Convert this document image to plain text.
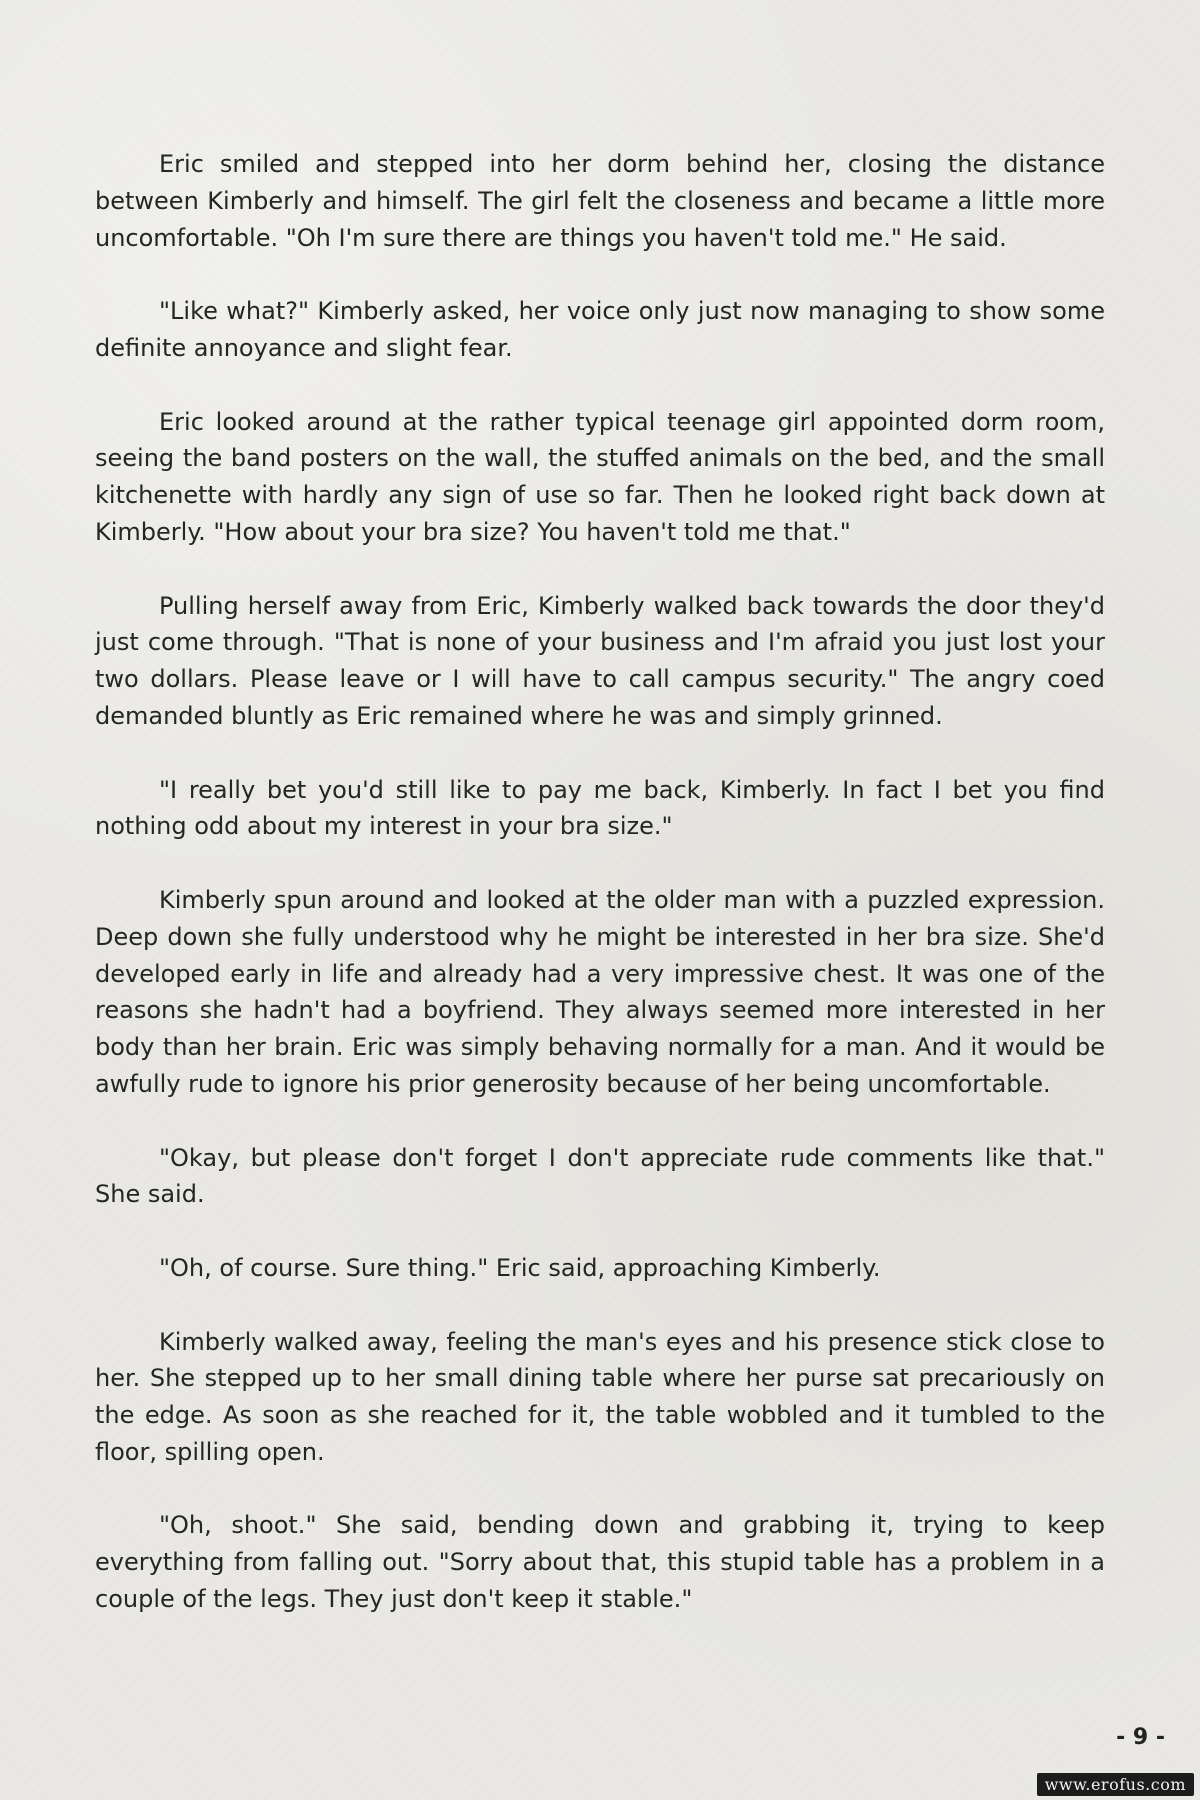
Eric smiled and stepped into her dorm behind her, closing the distance between Kimberly and himself. The girl felt the closeness and became a little more uncomfortable. "Oh I'm sure there are things you haven't told me." He said.

"Like what?" Kimberly asked, her voice only just now managing to show some definite annoyance and slight fear.

Eric looked around at the rather typical teenage girl appointed dorm room, seeing the band posters on the wall, the stuffed animals on the bed, and the small kitchenette with hardly any sign of use so far. Then he looked right back down at Kimberly. "How about your bra size? You haven't told me that."

Pulling herself away from Eric, Kimberly walked back towards the door they'd just come through. "That is none of your business and I'm afraid you just lost your two dollars. Please leave or I will have to call campus security." The angry coed demanded bluntly as Eric remained where he was and simply grinned.

"I really bet you'd still like to pay me back, Kimberly. In fact I bet you find nothing odd about my interest in your bra size."

Kimberly spun around and looked at the older man with a puzzled expression. Deep down she fully understood why he might be interested in her bra size. She'd developed early in life and already had a very impressive chest. It was one of the reasons she hadn't had a boyfriend. They always seemed more interested in her body than her brain. Eric was simply behaving normally for a man. And it would be awfully rude to ignore his prior generosity because of her being uncomfortable.

"Okay, but please don't forget I don't appreciate rude comments like that." She said.

"Oh, of course. Sure thing." Eric said, approaching Kimberly.

Kimberly walked away, feeling the man's eyes and his presence stick close to her. She stepped up to her small dining table where her purse sat precariously on the edge. As soon as she reached for it, the table wobbled and it tumbled to the floor, spilling open.

"Oh, shoot." She said, bending down and grabbing it, trying to keep everything from falling out. "Sorry about that, this stupid table has a problem in a couple of the legs. They just don't keep it stable."

- 9 -
www.erofus.com
